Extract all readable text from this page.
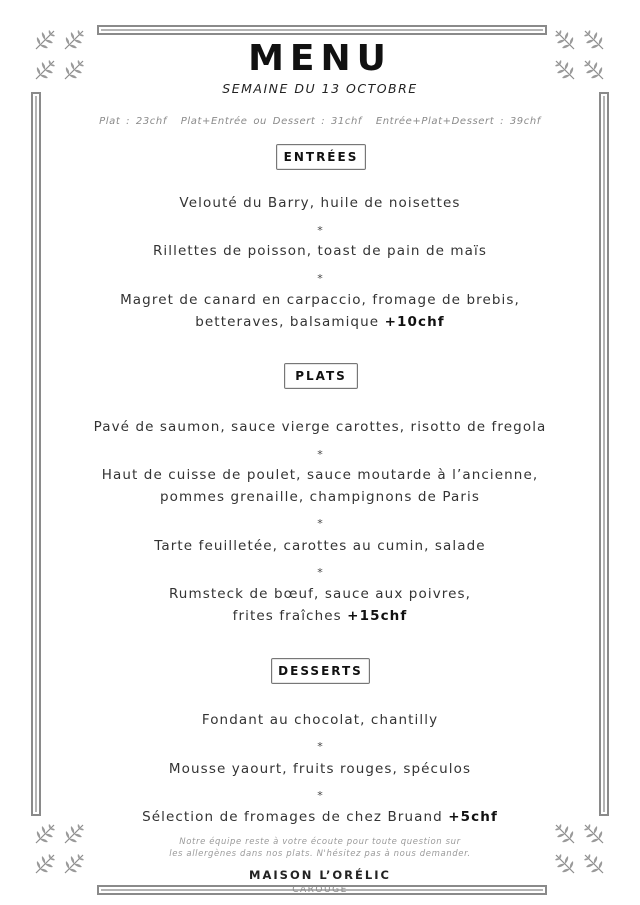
MENU
SEMAINE DU 13 OCTOBRE
Plat : 23chf Plat+Entrée ou Dessert : 31chf Entrée+Plat+Dessert : 39chf
ENTRÉES
Velouté du Barry, huile de noisettes
*
Rillettes de poisson, toast de pain de maïs
*
Magret de canard en carpaccio, fromage de brebis,
betteraves, balsamique +10chf
PLATS
Pavé de saumon, sauce vierge carottes, risotto de fregola
*
Haut de cuisse de poulet, sauce moutarde à l’ancienne,
pommes grenaille, champignons de Paris
*
Tarte feuilletée, carottes au cumin, salade
*
Rumsteck de bœuf, sauce aux poivres,
frites fraîches +15chf
DESSERTS
Fondant au chocolat, chantilly
*
Mousse yaourt, fruits rouges, spéculos
*
Sélection de fromages de chez Bruand +5chf
Notre équipe reste à votre écoute pour toute question sur
les allergènes dans nos plats. N'hésitez pas à nous demander.
MAISON L’ORÉLIC
CAROUGE
